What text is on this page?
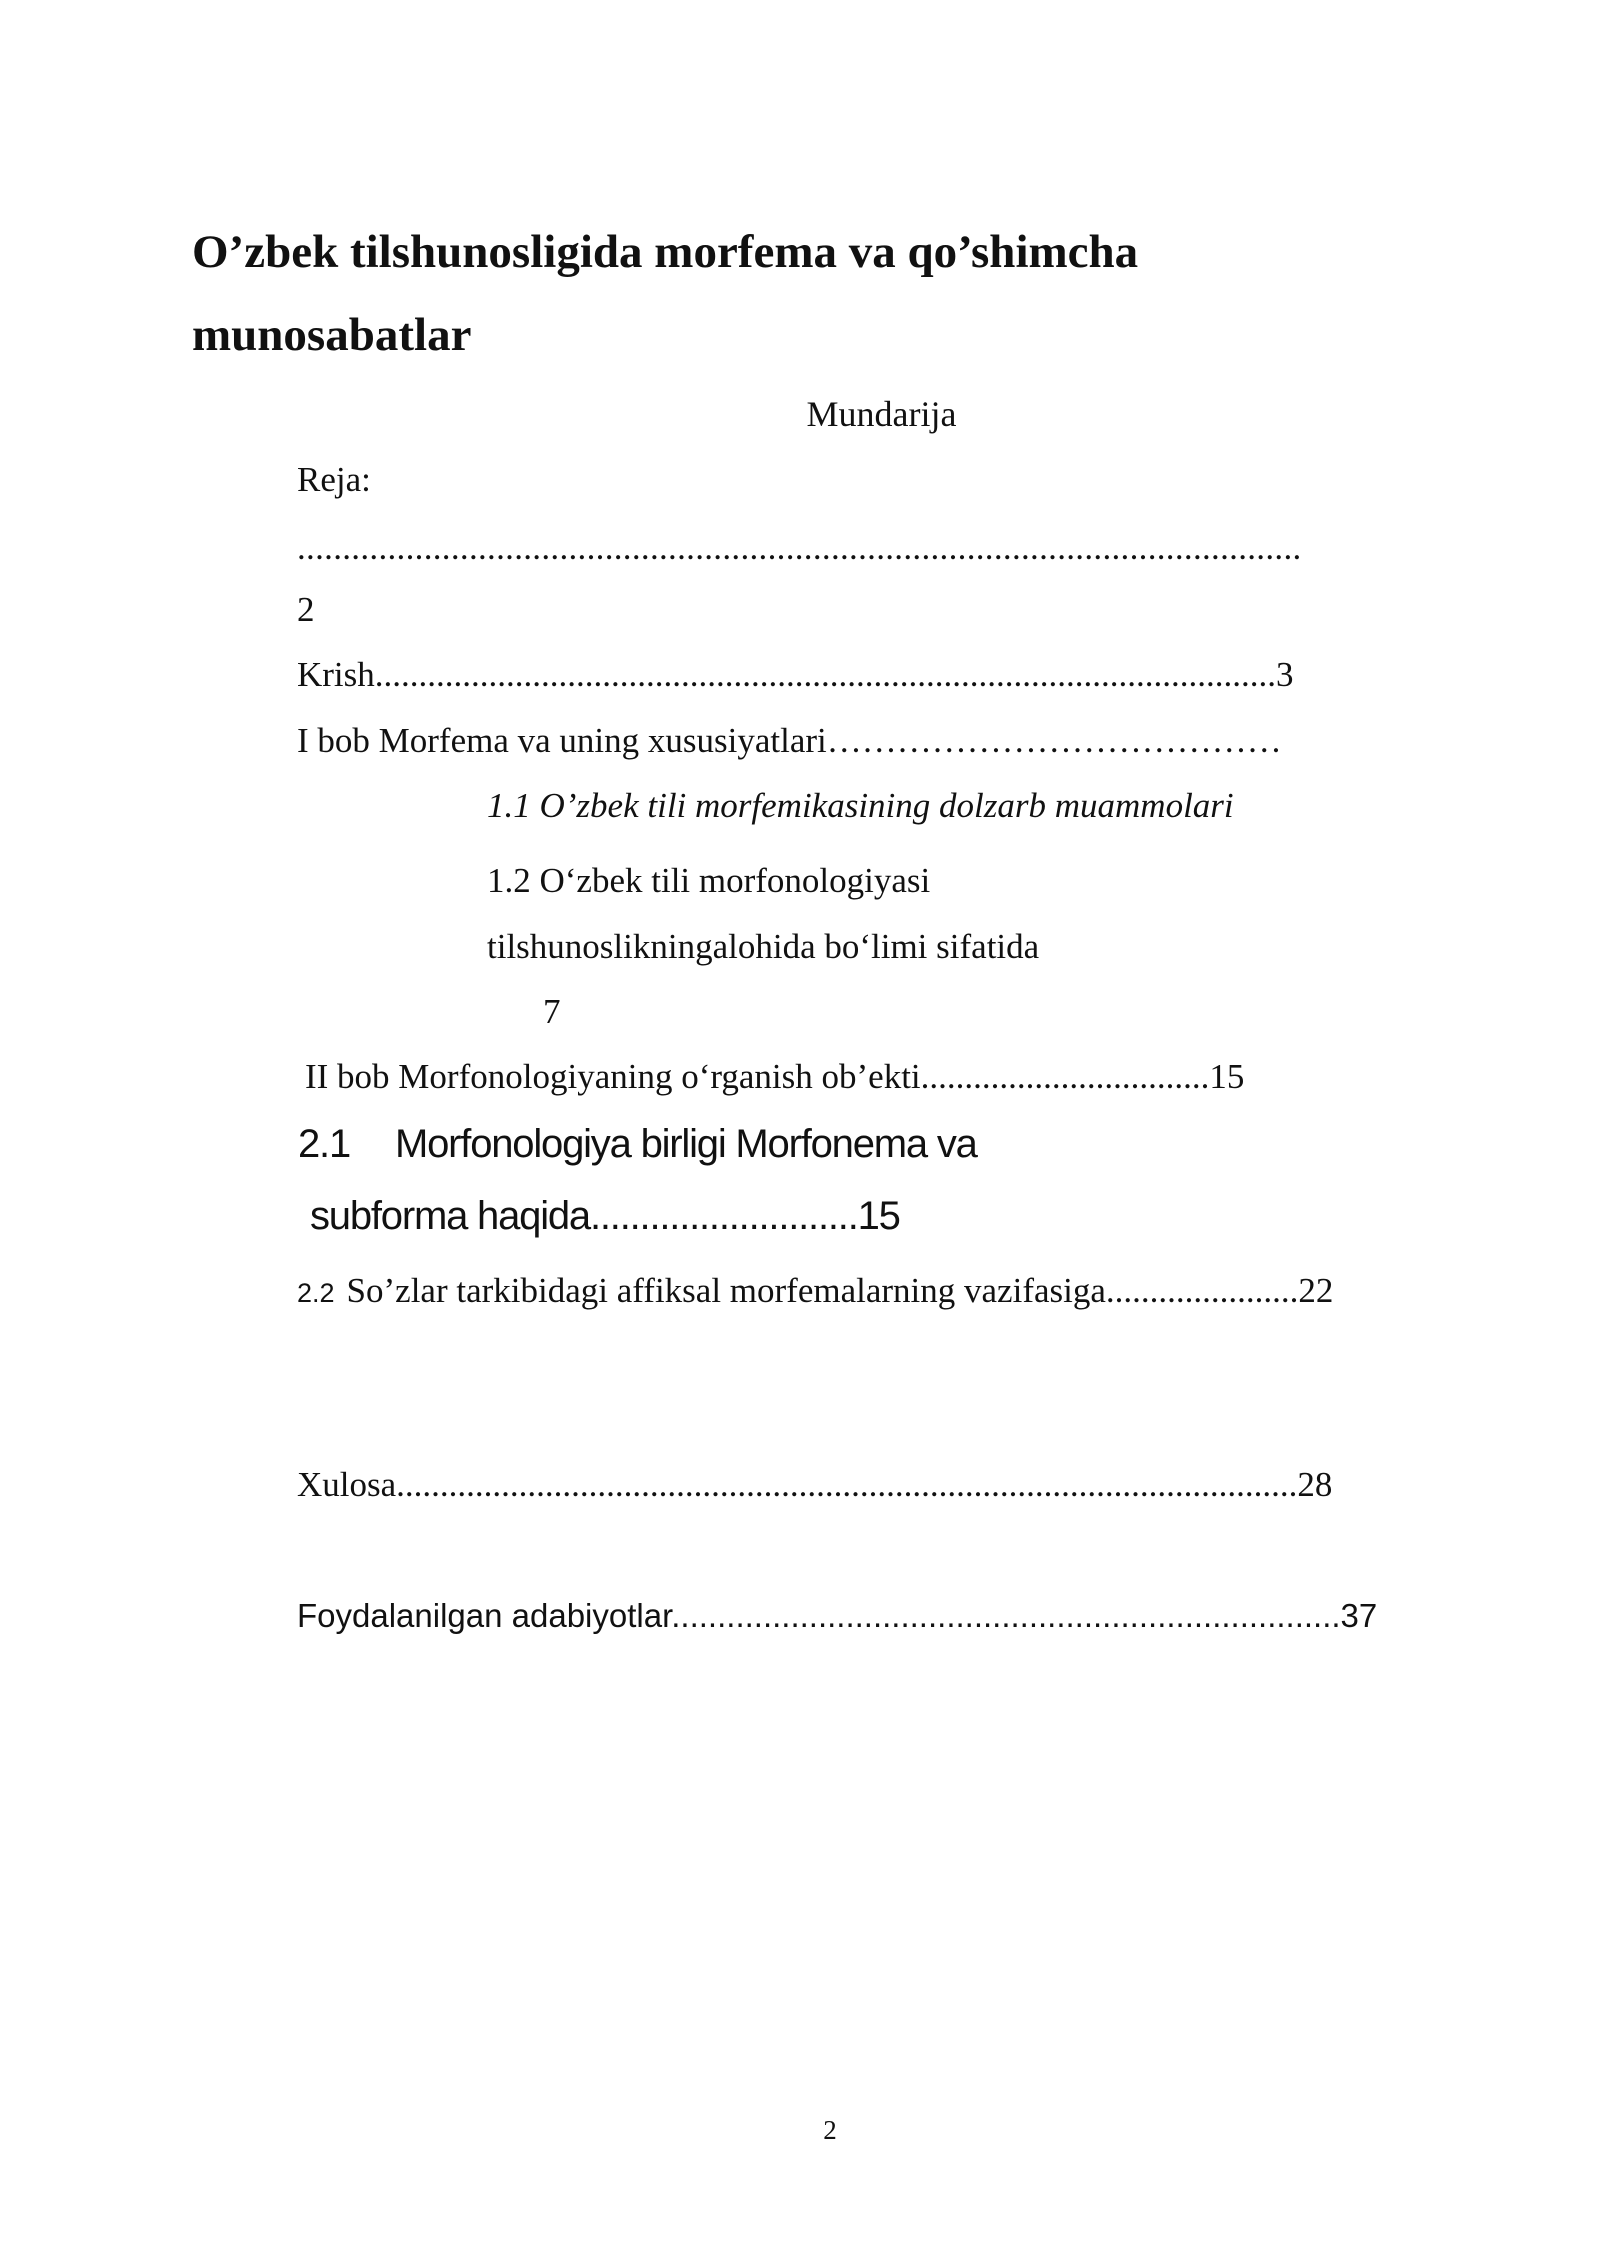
O’zbek tilshunosligida morfema va qo’shimcha
munosabatlar
Mundarija
Reja:
...............................................................................................................
2
Krish.......................................................................................................3
I bob Morfema va uning xususiyatlari…………………………………
1.1 O’zbek tili morfemikasining dolzarb muammolari
1.2 O‘zbek tili morfonologiyasi
tilshunoslikningalohida bo‘limi sifatida
7
II bob Morfonologiyaning o‘rganish ob’ekti.................................15
2.1 Morfonologiya birligi Morfonema va
subforma haqida...........................15
2.2 So’zlar tarkibidagi affiksal morfemalarning vazifasiga......................22
Xulosa.......................................................................................................28
Foydalanilgan adabiyotlar.........................................................................37
2
